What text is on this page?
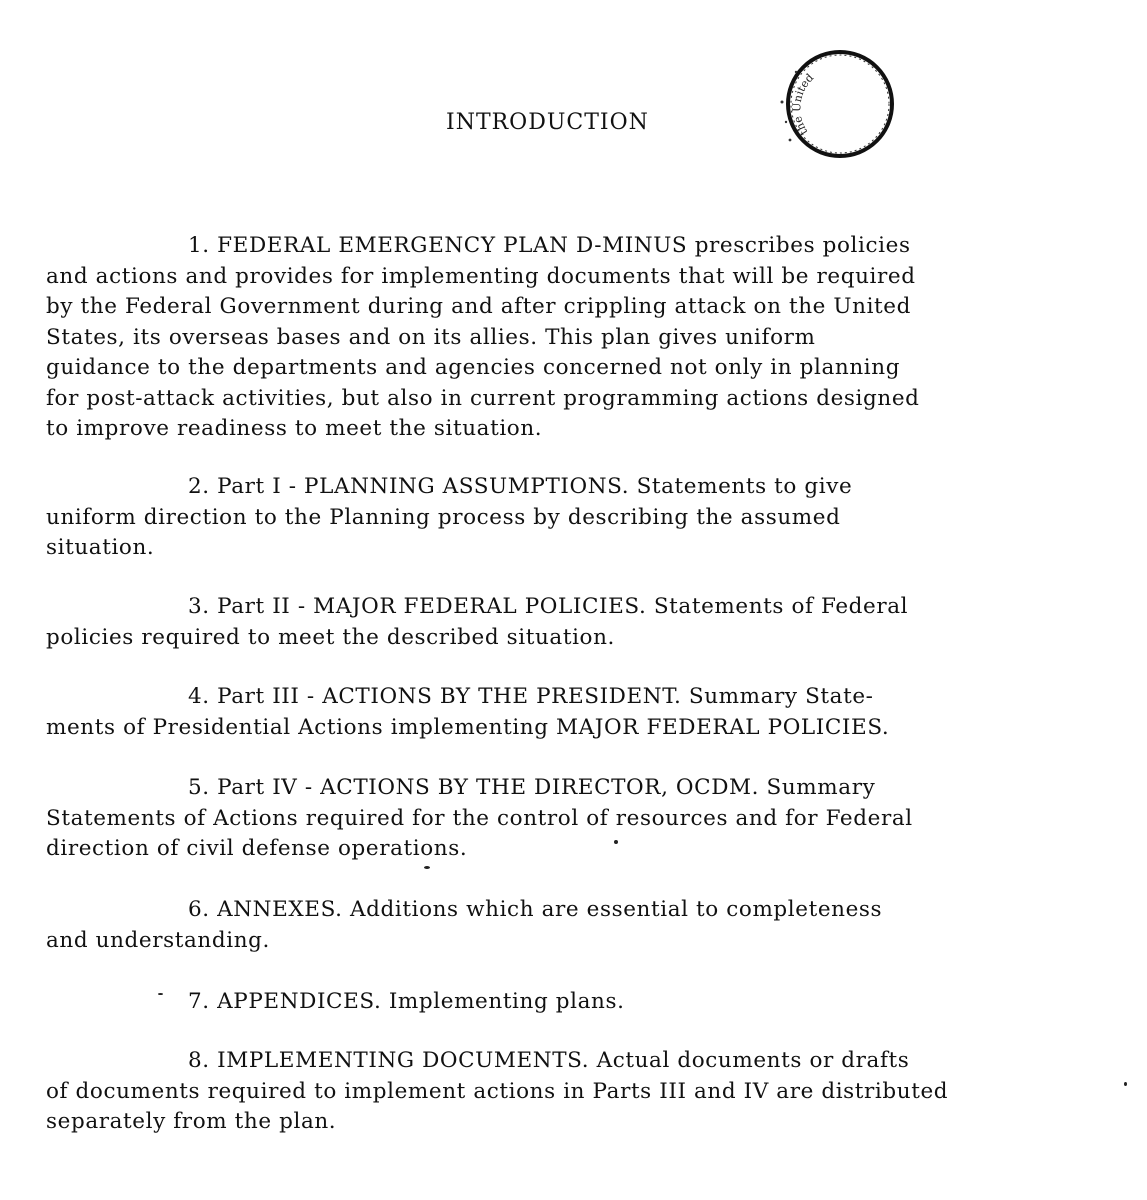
INTRODUCTION	the United
1. FEDERAL EMERGENCY PLAN D-MINUS prescribes policies
and actions and provides for implementing documents that will be required
by the Federal Government during and after crippling attack on the United
States, its overseas bases and on its allies. This plan gives uniform
guidance to the departments and agencies concerned not only in planning
for post-attack activities, but also in current programming actions designed
to improve readiness to meet the situation.
2. Part I - PLANNING ASSUMPTIONS. Statements to give
uniform direction to the Planning process by describing the assumed
situation.
3. Part II - MAJOR FEDERAL POLICIES. Statements of Federal
policies required to meet the described situation.
4. Part III - ACTIONS BY THE PRESIDENT. Summary State-
ments of Presidential Actions implementing MAJOR FEDERAL POLICIES.
5. Part IV - ACTIONS BY THE DIRECTOR, OCDM. Summary
Statements of Actions required for the control of resources and for Federal
direction of civil defense operations.
6. ANNEXES. Additions which are essential to completeness
and understanding.
7. APPENDICES. Implementing plans.
8. IMPLEMENTING DOCUMENTS. Actual documents or drafts
of documents required to implement actions in Parts III and IV are distributed
separately from the plan.
